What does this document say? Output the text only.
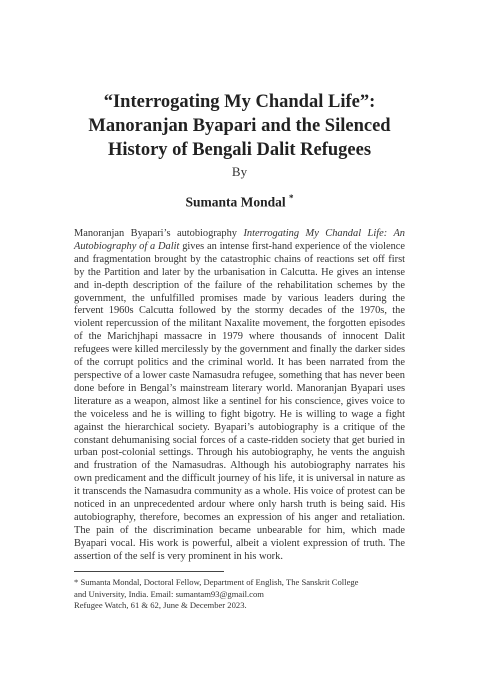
“Interrogating My Chandal Life”:
Manoranjan Byapari and the Silenced
History of Bengali Dalit Refugees
By
Sumanta Mondal *
Manoranjan Byapari’s autobiography Interrogating My Chandal Life: An Autobiography of a Dalit gives an intense first-hand experience of the violence and fragmentation brought by the catastrophic chains of reactions set off first by the Partition and later by the urbanisation in Calcutta. He gives an intense and in-depth description of the failure of the rehabilitation schemes by the government, the unfulfilled promises made by various leaders during the fervent 1960s Calcutta followed by the stormy decades of the 1970s, the violent repercussion of the militant Naxalite movement, the forgotten episodes of the Marichjhapi massacre in 1979 where thousands of innocent Dalit refugees were killed mercilessly by the government and finally the darker sides of the corrupt politics and the criminal world. It has been narrated from the perspective of a lower caste Namasudra refugee, something that has never been done before in Bengal’s mainstream literary world. Manoranjan Byapari uses literature as a weapon, almost like a sentinel for his conscience, gives voice to the voiceless and he is willing to fight bigotry. He is willing to wage a fight against the hierarchical society. Byapari’s autobiography is a critique of the constant dehumanising social forces of a caste-ridden society that get buried in urban post-colonial settings. Through his autobiography, he vents the anguish and frustration of the Namasudras. Although his autobiography narrates his own predicament and the difficult journey of his life, it is universal in nature as it transcends the Namasudra community as a whole. His voice of protest can be noticed in an unprecedented ardour where only harsh truth is being said. His autobiography, therefore, becomes an expression of his anger and retaliation. The pain of the discrimination became unbearable for him, which made Byapari vocal. His work is powerful, albeit a violent expression of truth. The assertion of the self is very prominent in his work.
* Sumanta Mondal, Doctoral Fellow, Department of English, The Sanskrit College
and University, India. Email: sumantam93@gmail.com
Refugee Watch, 61 & 62, June & December 2023.
